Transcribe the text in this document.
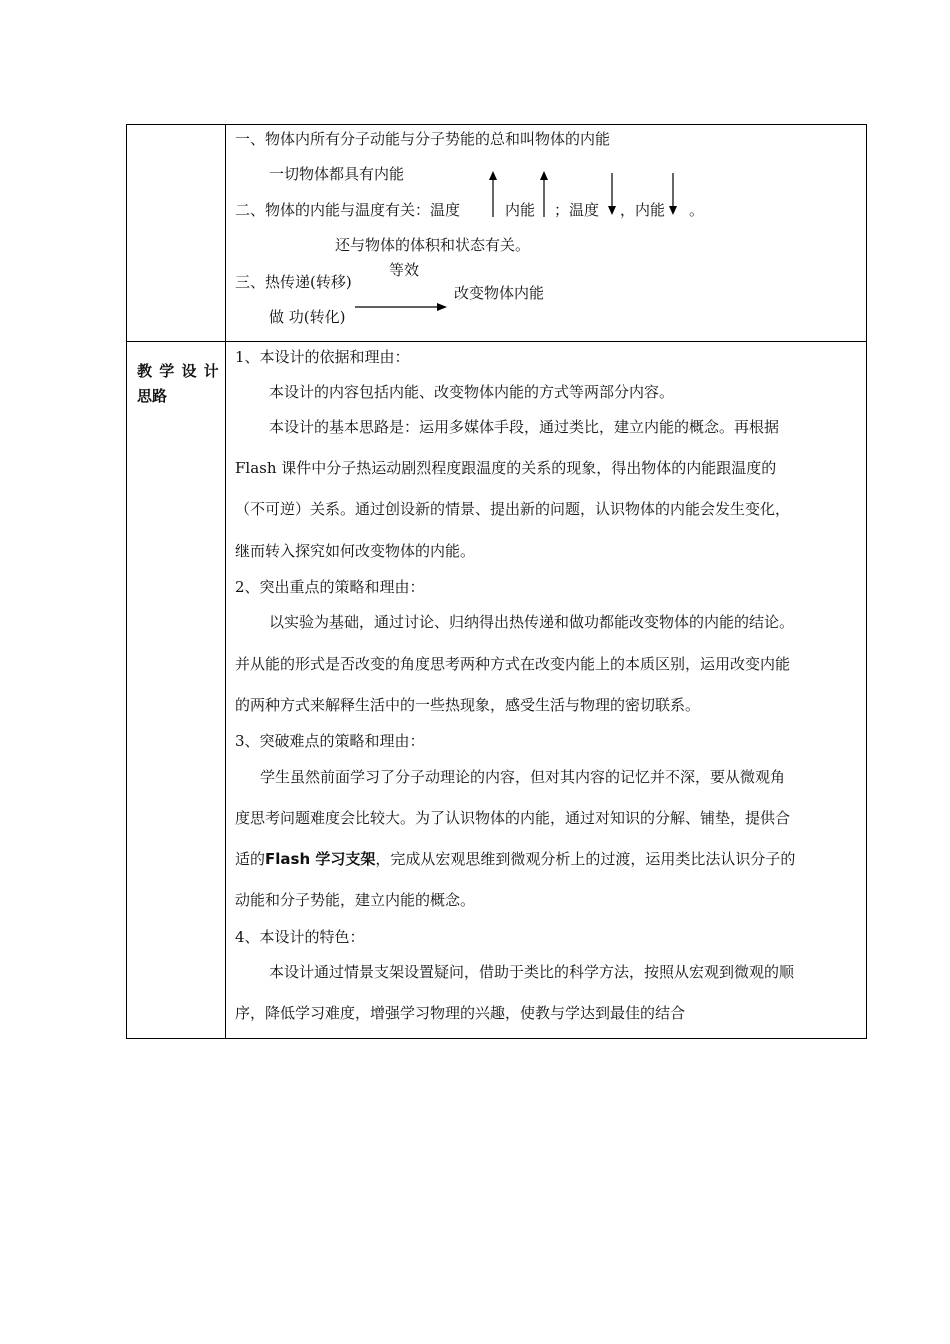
一、物体内所有分子动能与分子势能的总和叫物体的内能
一切物体都具有内能
二、物体的内能与温度有关：温度	内能 ；温度 ，内能 。
还与物体的体积和状态有关。
三、热传递(转移)
等效
改变物体内能
做 功(转化)
教 学 设 计
思路
1、本设计的依据和理由：
本设计的内容包括内能、改变物体内能的方式等两部分内容。
本设计的基本思路是：运用多媒体手段，通过类比，建立内能的概念。再根据
Flash 课件中分子热运动剧烈程度跟温度的关系的现象，得出物体的内能跟温度的
（不可逆）关系。通过创设新的情景、提出新的问题，认识物体的内能会发生变化，
继而转入探究如何改变物体的内能。
2、突出重点的策略和理由：
以实验为基础，通过讨论、归纳得出热传递和做功都能改变物体的内能的结论。
并从能的形式是否改变的角度思考两种方式在改变内能上的本质区别，运用改变内能
的两种方式来解释生活中的一些热现象，感受生活与物理的密切联系。
3、突破难点的策略和理由：
学生虽然前面学习了分子动理论的内容，但对其内容的记忆并不深，要从微观角
度思考问题难度会比较大。为了认识物体的内能，通过对知识的分解、铺垫，提供合
适的Flash 学习支架，完成从宏观思维到微观分析上的过渡，运用类比法认识分子的
动能和分子势能，建立内能的概念。
4、本设计的特色：
本设计通过情景支架设置疑问，借助于类比的科学方法，按照从宏观到微观的顺
序，降低学习难度，增强学习物理的兴趣，使教与学达到最佳的结合
